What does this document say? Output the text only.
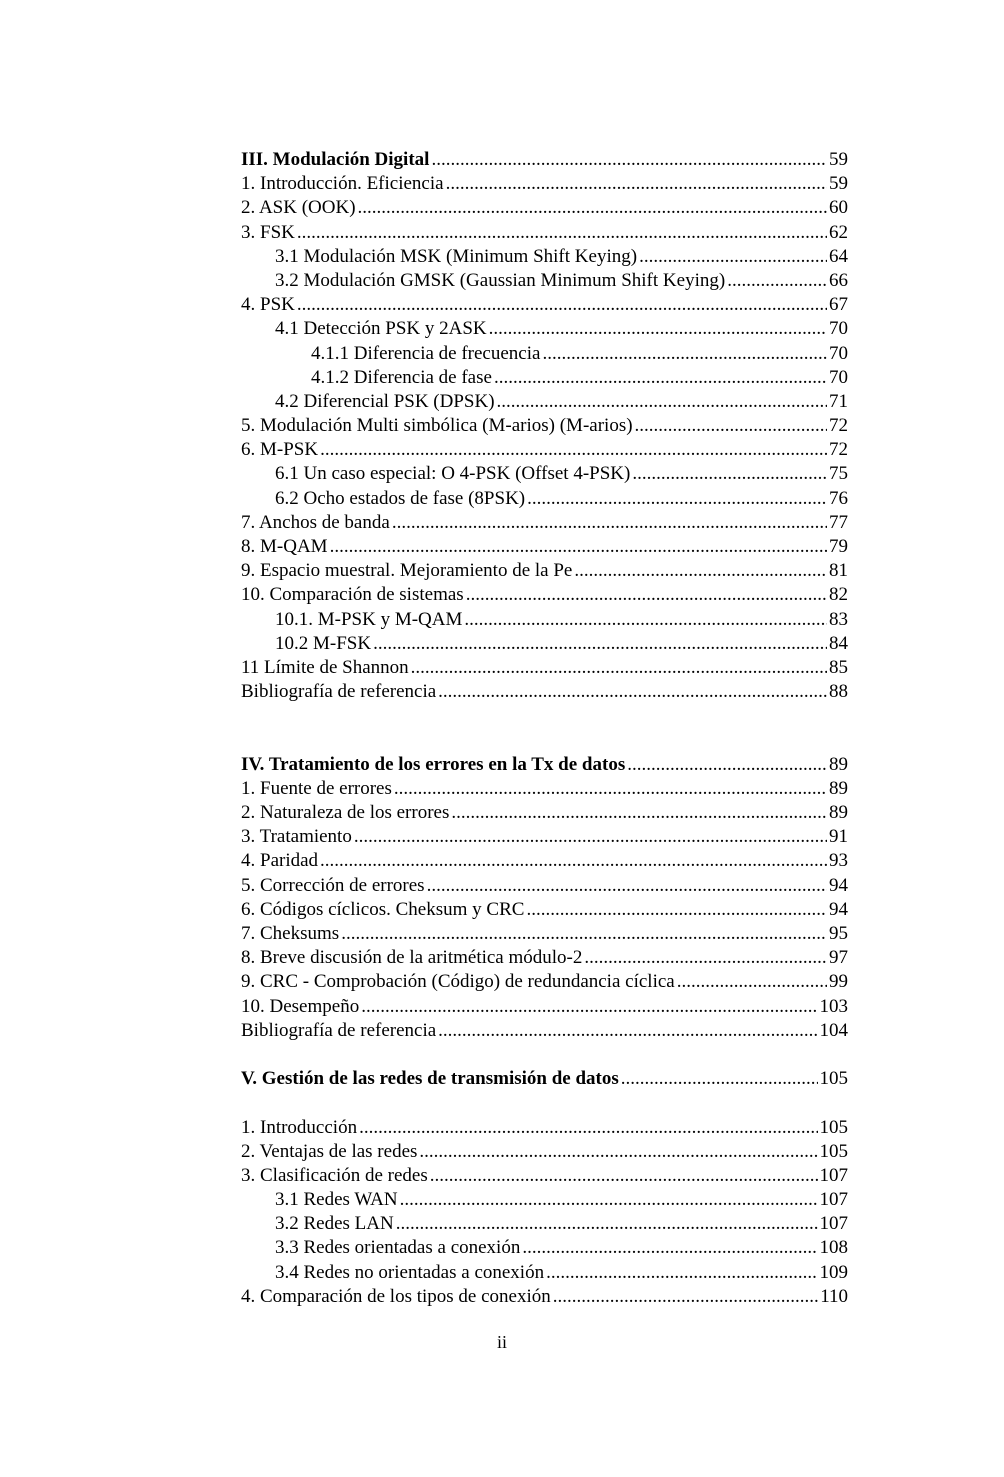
III. Modulación Digital .....	59
1. Introducción. Eficiencia .....	59
2. ASK (OOK) .....	60
3. FSK .....	62
3.1 Modulación MSK (Minimum Shift Keying) .....	64
3.2 Modulación GMSK (Gaussian Minimum Shift Keying) .....	66
4. PSK .....	67
4.1 Detección PSK y 2ASK .....	70
4.1.1 Diferencia de frecuencia .....	70
4.1.2 Diferencia de fase .....	70
4.2 Diferencial PSK (DPSK) .....	71
5. Modulación Multi simbólica (M-arios) (M-arios) .....	72
6. M-PSK .....	72
6.1 Un caso especial: O 4-PSK (Offset 4-PSK) .....	75
6.2 Ocho estados de fase (8PSK) .....	76
7. Anchos de banda .....	77
8. M-QAM .....	79
9. Espacio muestral. Mejoramiento de la Pe .....	81
10. Comparación de sistemas .....	82
10.1. M-PSK y M-QAM .....	83
10.2 M-FSK .....	84
11 Límite de Shannon .....	85
Bibliografía de referencia .....	88
IV. Tratamiento de los errores en la Tx de datos .....	89
1. Fuente de errores .....	89
2. Naturaleza de los errores .....	89
3. Tratamiento .....	91
4. Paridad .....	93
5. Corrección de errores .....	94
6. Códigos cíclicos. Cheksum y CRC .....	94
7. Cheksums .....	95
8. Breve discusión de la aritmética módulo-2 .....	97
9. CRC - Comprobación (Código) de redundancia cíclica .....	99
10. Desempeño .....	103
Bibliografía de referencia .....	104
V. Gestión de las redes de transmisión de datos .....	105
1. Introducción .....	105
2. Ventajas de las redes .....	105
3. Clasificación de redes .....	107
3.1 Redes WAN .....	107
3.2 Redes LAN .....	107
3.3 Redes orientadas a conexión .....	108
3.4 Redes no orientadas a conexión .....	109
4. Comparación de los tipos de conexión .....	110
ii
